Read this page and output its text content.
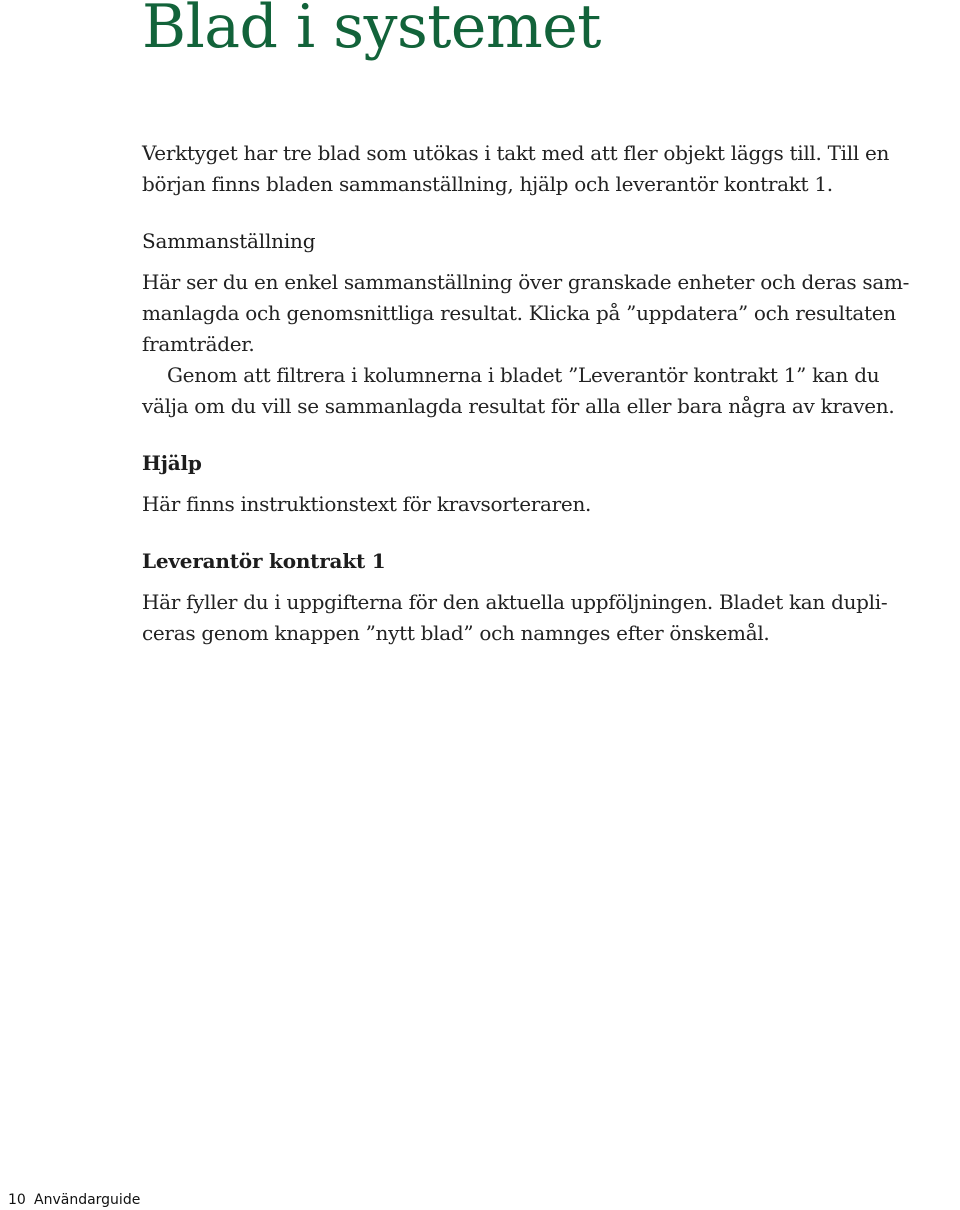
Blad i systemet

Verktyget har tre blad som utökas i takt med att fler objekt läggs till. Till en
början finns bladen sammanställning, hjälp och leverantör kontrakt 1.

Sammanställning

Här ser du en enkel sammanställning över granskade enheter och deras sam-
manlagda och genomsnittliga resultat. Klicka på ”uppdatera” och resultaten
framträder.

Genom att filtrera i kolumnerna i bladet ”Leverantör kontrakt 1” kan du
välja om du vill se sammanlagda resultat för alla eller bara några av kraven.

Hjälp

Här finns instruktionstext för kravsorteraren.

Leverantör kontrakt 1

Här fyller du i uppgifterna för den aktuella uppföljningen. Bladet kan dupli-
ceras genom knappen ”nytt blad” och namnges efter önskemål.

10 Användarguide
